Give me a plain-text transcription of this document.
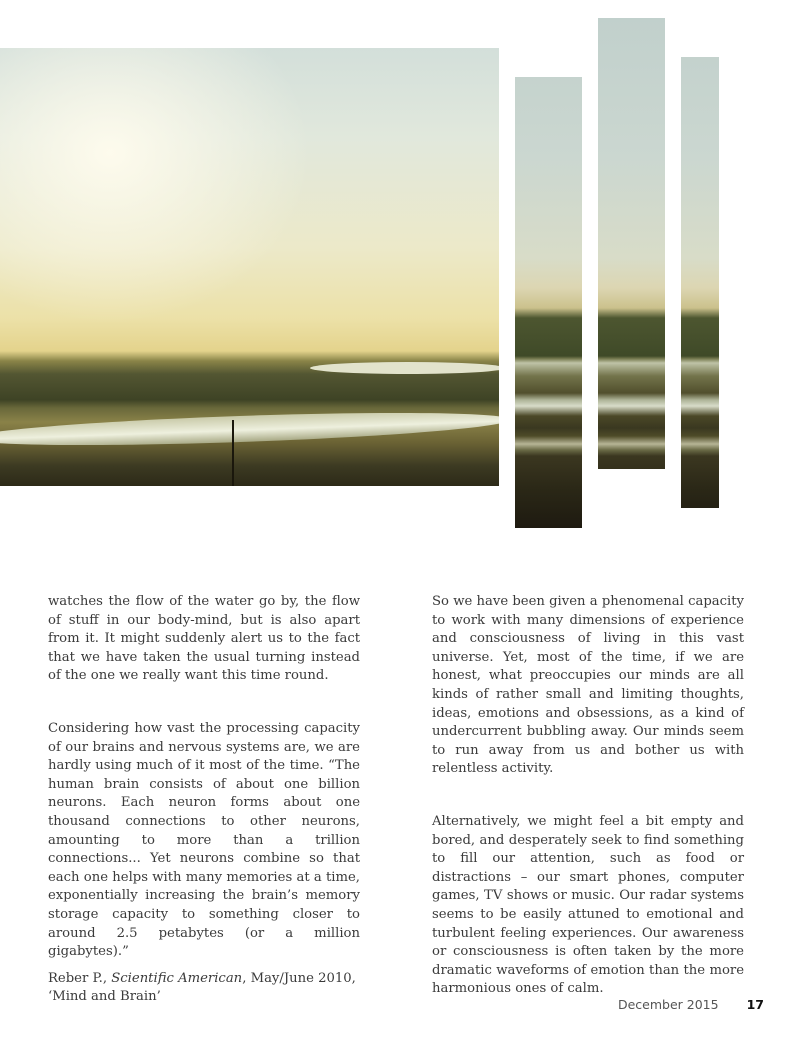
watches the flow of the water go by, the flow of stuff in our body-mind, but is also apart from it. It might suddenly alert us to the fact that we have taken the usual turning instead of the one we really want this time round.

Considering how vast the processing capacity of our brains and nervous systems are, we are hardly using much of it most of the time. “The human brain consists of about one billion neurons. Each neuron forms about one thousand connections to other neurons, amounting to more than a trillion connections... Yet neurons combine so that each one helps with many memories at a time, exponentially increasing the brain’s memory storage capacity to something closer to around 2.5 petabytes (or a million gigabytes).”

Reber P., Scientific American, May/June 2010, ‘Mind and Brain’

So we have been given a phenomenal capacity to work with many dimensions of experience and consciousness of living in this vast universe. Yet, most of the time, if we are honest, what preoccupies our minds are all kinds of rather small and limiting thoughts, ideas, emotions and obsessions, as a kind of undercurrent bubbling away. Our minds seem to run away from us and bother us with relentless activity.

Alternatively, we might feel a bit empty and bored, and desperately seek to find something to fill our attention, such as food or distractions – our smart phones, computer games, TV shows or music. Our radar systems seems to be easily attuned to emotional and turbulent feeling experiences. Our awareness or consciousness is often taken by the more dramatic waveforms of emotion than the more harmonious ones of calm.

December 2015 17
